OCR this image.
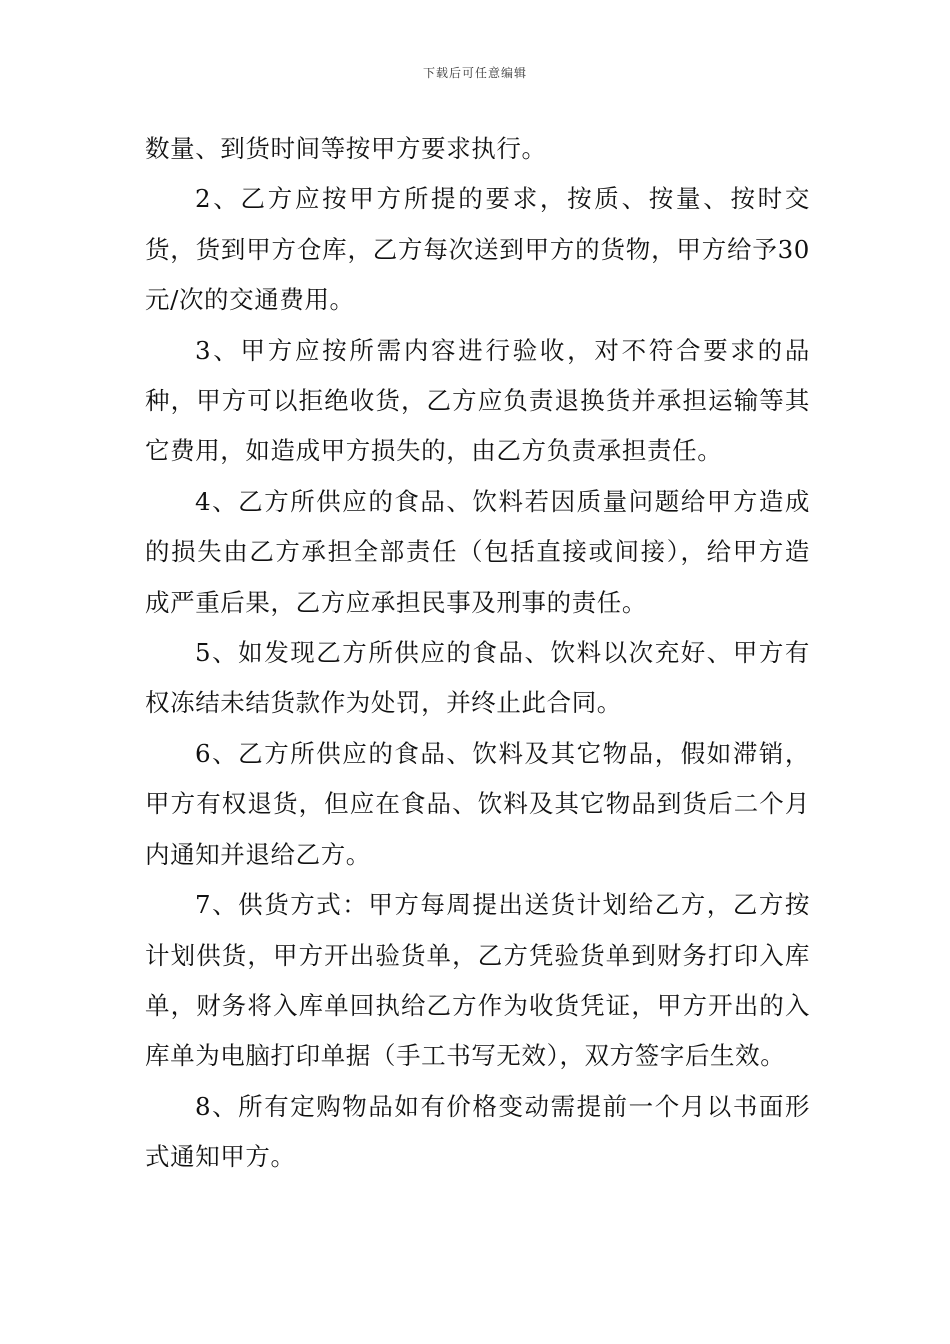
下载后可任意编辑

数量、到货时间等按甲方要求执行。

2、乙方应按甲方所提的要求，按质、按量、按时交货，货到甲方仓库，乙方每次送到甲方的货物，甲方给予30元/次的交通费用。

3、甲方应按所需内容进行验收，对不符合要求的品种，甲方可以拒绝收货，乙方应负责退换货并承担运输等其它费用，如造成甲方损失的，由乙方负责承担责任。

4、乙方所供应的食品、饮料若因质量问题给甲方造成的损失由乙方承担全部责任（包括直接或间接），给甲方造成严重后果，乙方应承担民事及刑事的责任。

5、如发现乙方所供应的食品、饮料以次充好、甲方有权冻结未结货款作为处罚，并终止此合同。

6、乙方所供应的食品、饮料及其它物品，假如滞销，甲方有权退货，但应在食品、饮料及其它物品到货后二个月内通知并退给乙方。

7、供货方式：甲方每周提出送货计划给乙方，乙方按计划供货，甲方开出验货单，乙方凭验货单到财务打印入库单，财务将入库单回执给乙方作为收货凭证，甲方开出的入库单为电脑打印单据（手工书写无效），双方签字后生效。

8、所有定购物品如有价格变动需提前一个月以书面形式通知甲方。
